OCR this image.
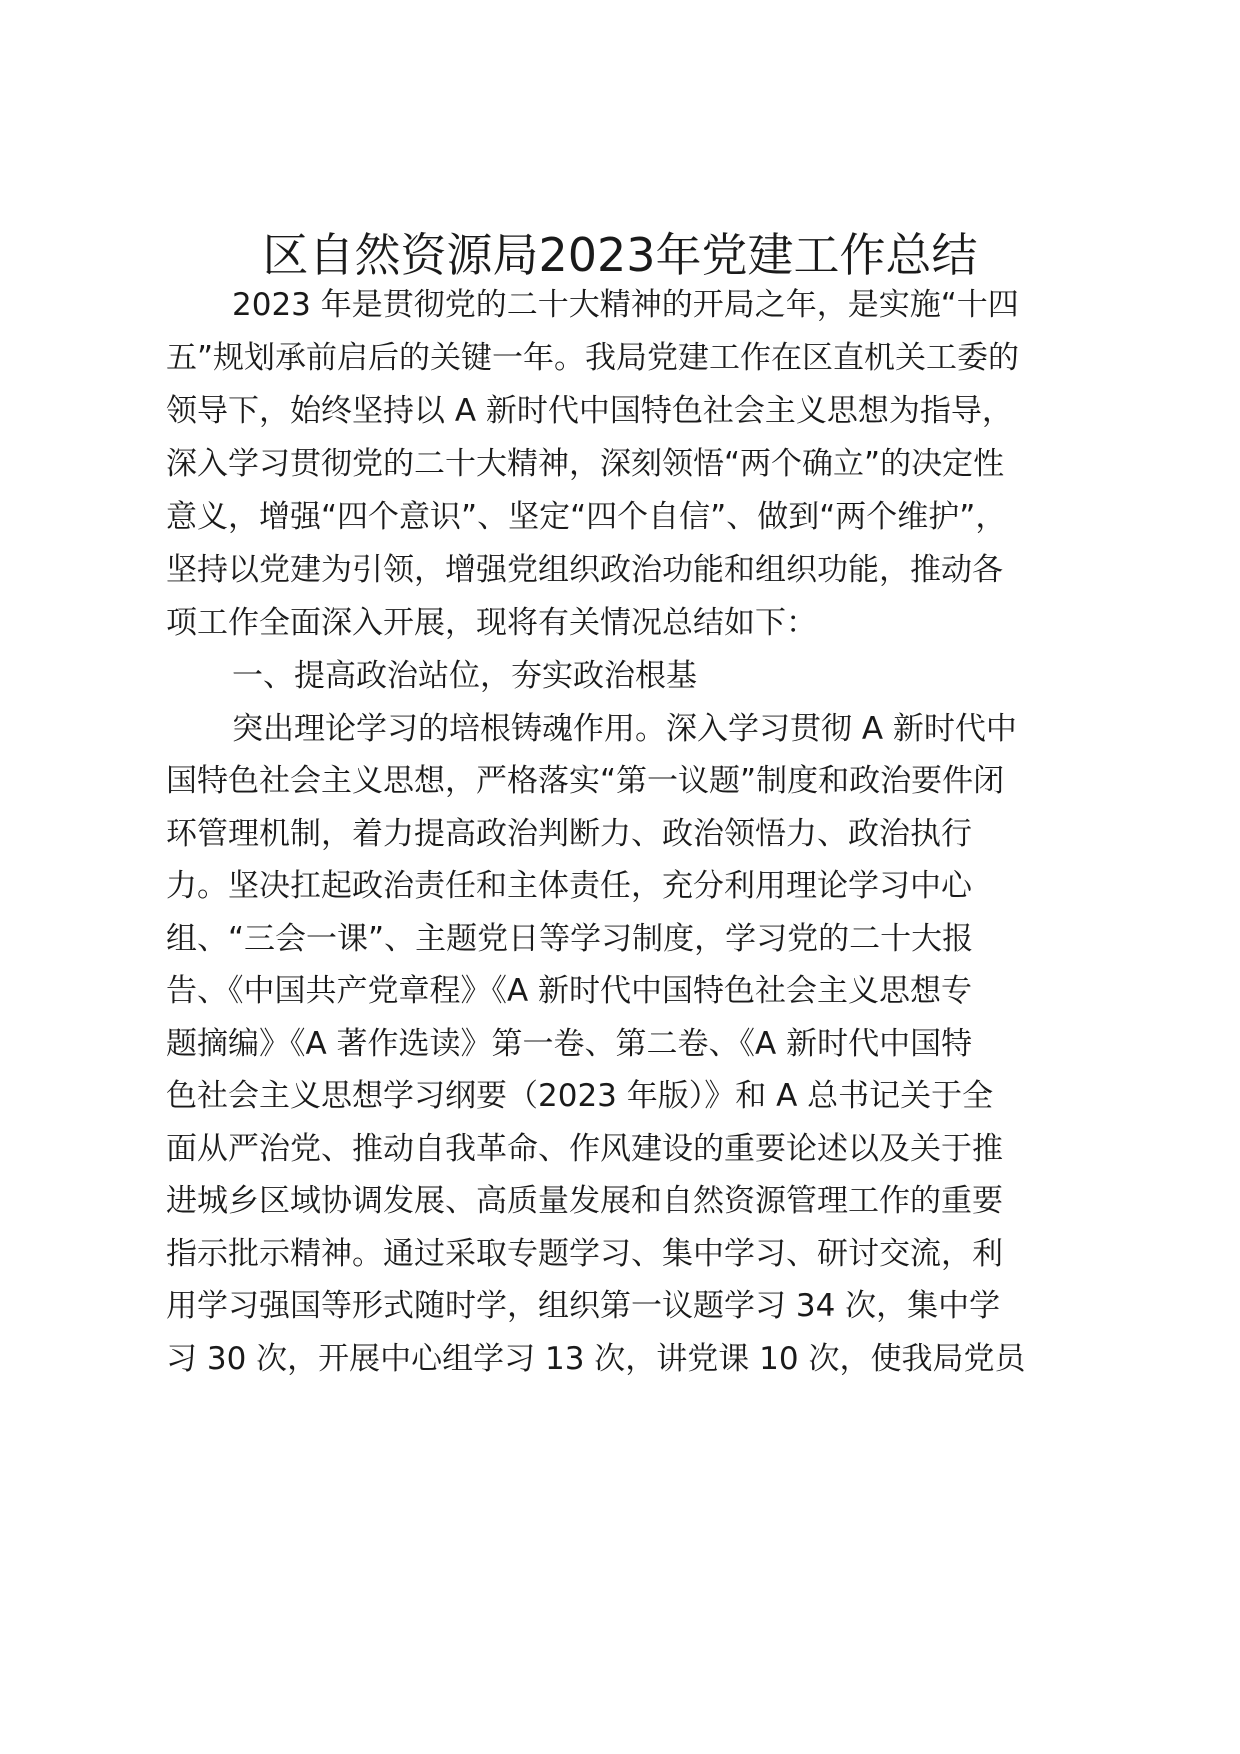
区自然资源局2023年党建工作总结
2023 年是贯彻党的二十大精神的开局之年，是实施“十四
五”规划承前启后的关键一年。我局党建工作在区直机关工委的
领导下，始终坚持以 A 新时代中国特色社会主义思想为指导，
深入学习贯彻党的二十大精神，深刻领悟“两个确立”的决定性
意义，增强“四个意识”、坚定“四个自信”、做到“两个维护”，
坚持以党建为引领，增强党组织政治功能和组织功能，推动各
项工作全面深入开展，现将有关情况总结如下：
一、提高政治站位，夯实政治根基
突出理论学习的培根铸魂作用。深入学习贯彻 A 新时代中
国特色社会主义思想，严格落实“第一议题”制度和政治要件闭
环管理机制，着力提高政治判断力、政治领悟力、政治执行
力。坚决扛起政治责任和主体责任，充分利用理论学习中心
组、“三会一课”、主题党日等学习制度，学习党的二十大报
告、《中国共产党章程》《A 新时代中国特色社会主义思想专
题摘编》《A 著作选读》第一卷、第二卷、《A 新时代中国特
色社会主义思想学习纲要（2023 年版）》和 A 总书记关于全
面从严治党、推动自我革命、作风建设的重要论述以及关于推
进城乡区域协调发展、高质量发展和自然资源管理工作的重要
指示批示精神。通过采取专题学习、集中学习、研讨交流，利
用学习强国等形式随时学，组织第一议题学习 34 次，集中学
习 30 次，开展中心组学习 13 次，讲党课 10 次，使我局党员
